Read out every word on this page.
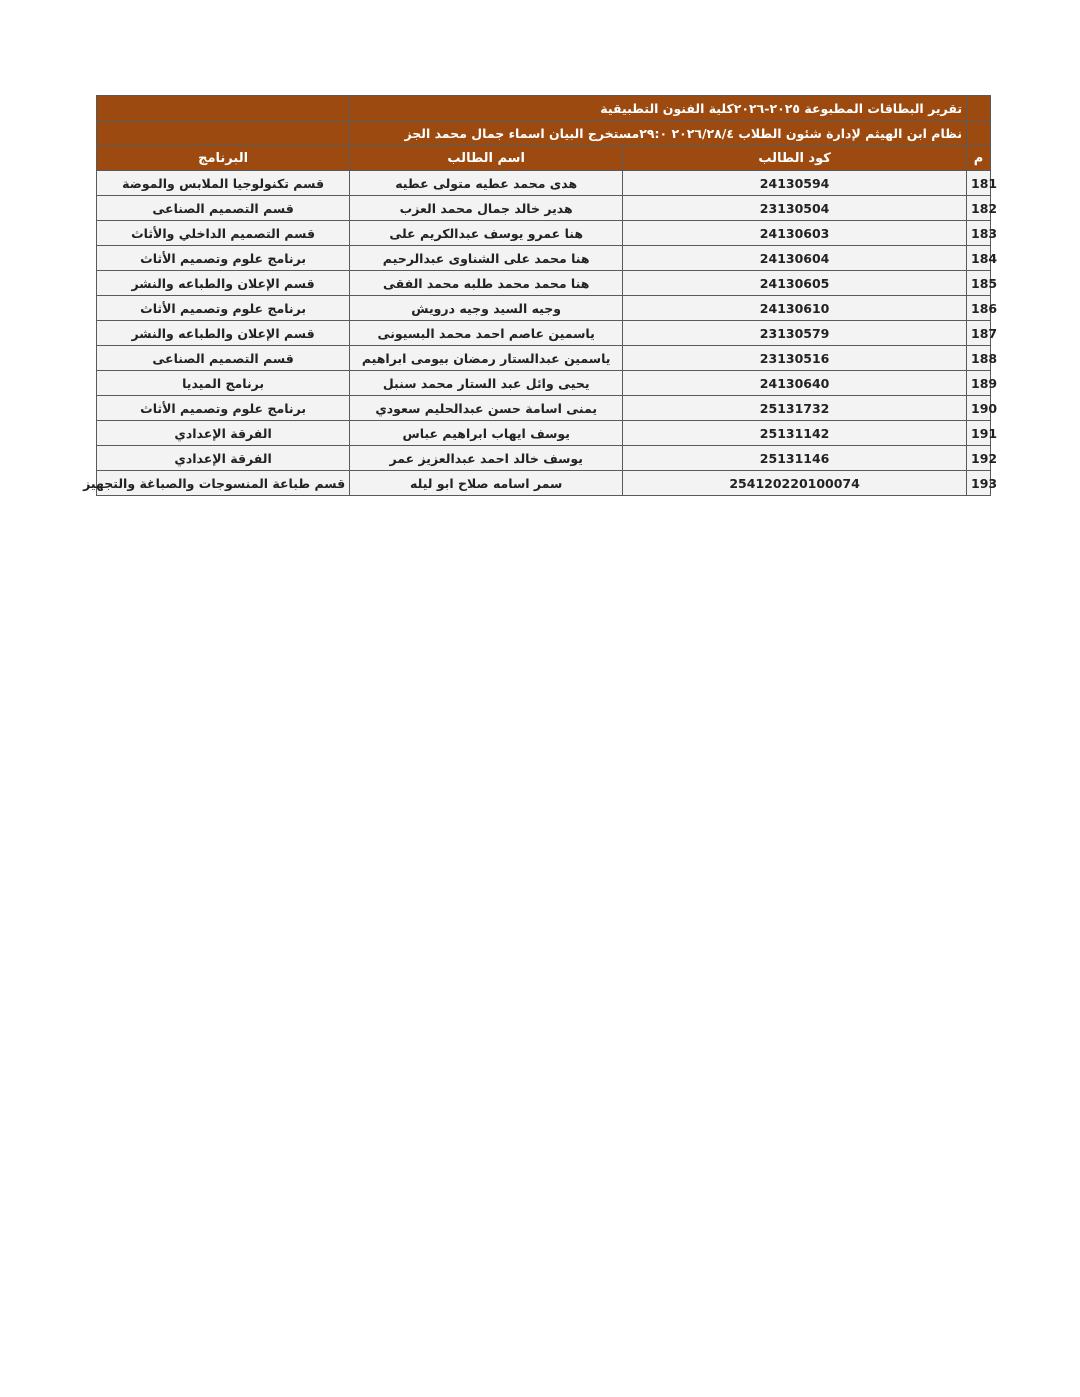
	تقرير البطاقات المطبوعة ٢٠٢٥-٢٠٢٦كلية الفنون التطبيقية		
	نظام ابن الهيثم لإدارة شئون الطلاب ٢٠٢٦/٢٨/٤ ٢٩:٠مستخرج البيان اسماء جمال محمد الجز		
البرنامج	اسم الطالب	كود الطالب	م
قسم تكنولوجيا الملابس والموضة	هدى محمد عطيه متولى عطيه	24130594	181
قسم التصميم الصناعى	هدير خالد جمال محمد العزب	23130504	182
قسم التصميم الداخلي والأثاث	هنا عمرو يوسف عبدالكريم على	24130603	183
برنامج علوم وتصميم الأثاث	هنا محمد على الشناوى عبدالرحيم	24130604	184
قسم الإعلان والطباعه والنشر	هنا محمد محمد طلبه محمد الفقى	24130605	185
برنامج علوم وتصميم الأثاث	وجيه السيد وجيه درويش	24130610	186
قسم الإعلان والطباعه والنشر	ياسمين عاصم احمد محمد البسيونى	23130579	187
قسم التصميم الصناعى	ياسمين عبدالستار رمضان بيومى ابراهيم	23130516	188
برنامج الميديا	يحيى وائل عبد الستار محمد سنبل	24130640	189
برنامج علوم وتصميم الأثاث	يمنى اسامة حسن عبدالحليم سعودي	25131732	190
الفرقة الإعدادي	يوسف ايهاب ابراهيم عباس	25131142	191
الفرقة الإعدادي	يوسف خالد احمد عبدالعزيز عمر	25131146	192
قسم طباعة المنسوجات والصباغة والتجهيز	سمر اسامه صلاح ابو ليله	254120220100074	193
